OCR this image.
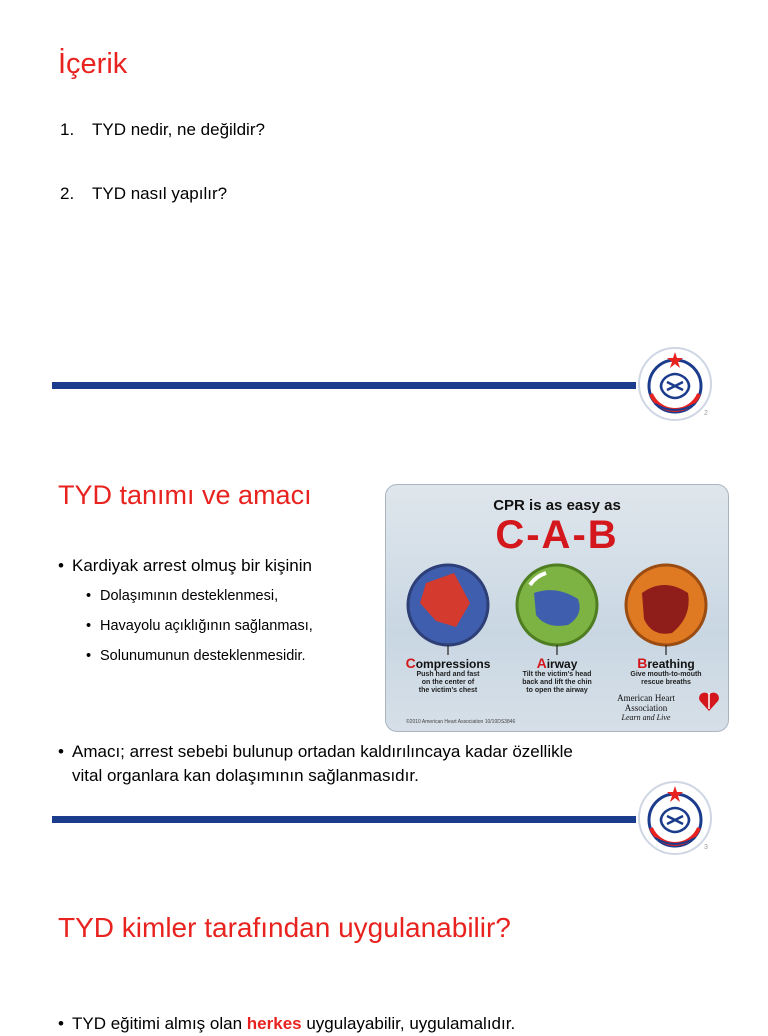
İçerik
1. TYD nedir, ne değildir?
2. TYD nasıl yapılır?
2
TYD tanımı ve amacı
• Kardiyak arrest olmuş bir kişinin
• Dolaşımının desteklenmesi,
• Havayolu açıklığının sağlanması,
• Solunumunun desteklenmesidir.
CPR is as easy as
C-A-B
Compressions
Push hard and fast
on the center of
the victim's chest
Airway
Tilt the victim's head
back and lift the chin
to open the airway
Breathing
Give mouth-to-mouth
rescue breaths
American Heart
Association
Learn and Live
©2010 American Heart Association 10/10DS3846
• Amacı; arrest sebebi bulunup ortadan kaldırılıncaya kadar özellikle
vital organlara kan dolaşımının sağlanmasıdır.
3
TYD kimler tarafından uygulanabilir?
• TYD eğitimi almış olan herkes uygulayabilir, uygulamalıdır.
